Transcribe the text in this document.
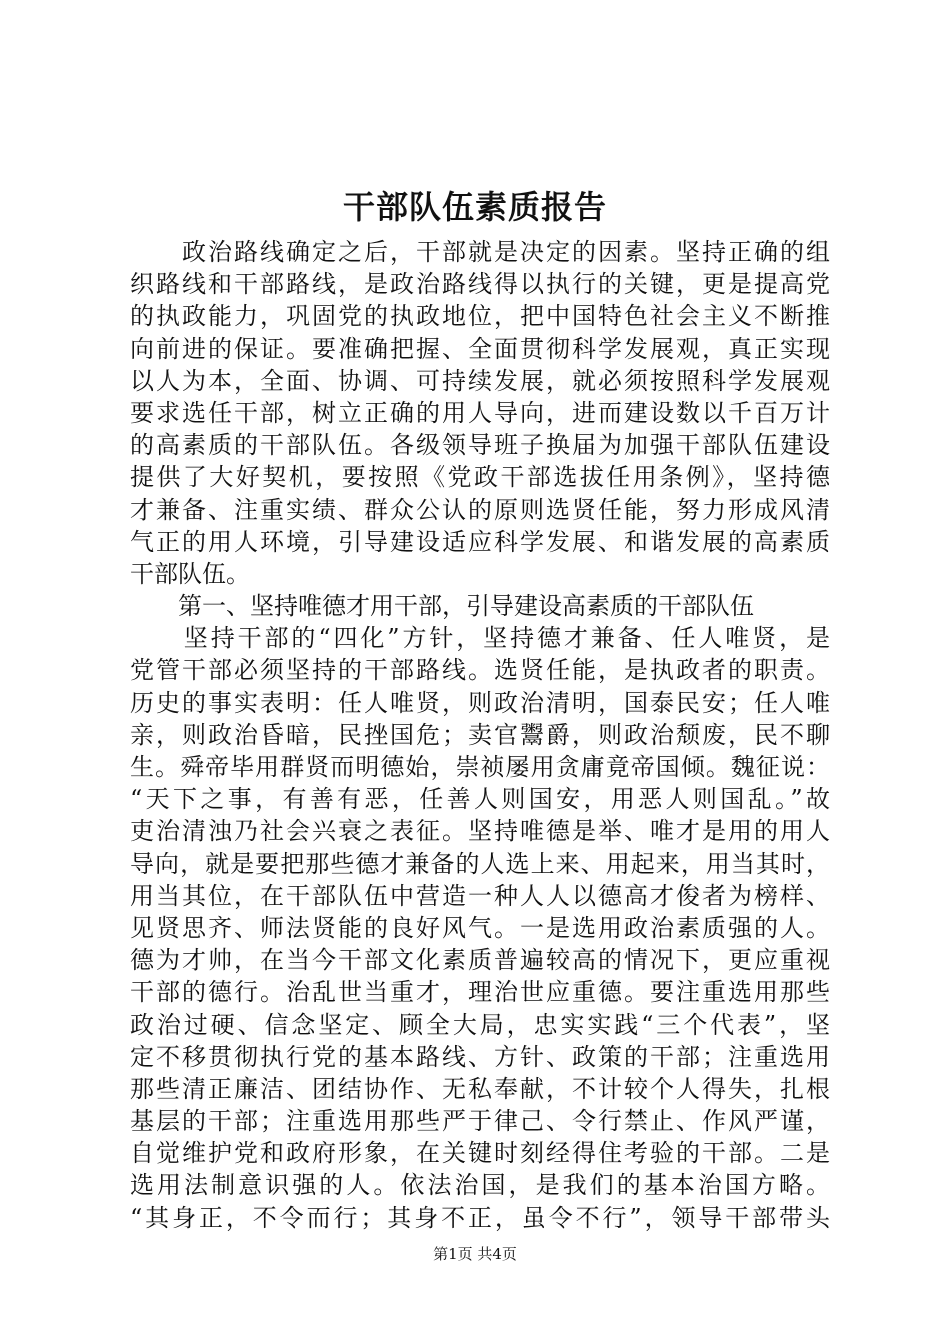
干部队伍素质报告
　　政治路线确定之后，干部就是决定的因素。坚持正确的组
织路线和干部路线，是政治路线得以执行的关键，更是提高党
的执政能力，巩固党的执政地位，把中国特色社会主义不断推
向前进的保证。要准确把握、全面贯彻科学发展观，真正实现
以人为本，全面、协调、可持续发展，就必须按照科学发展观
要求选任干部，树立正确的用人导向，进而建设数以千百万计
的高素质的干部队伍。各级领导班子换届为加强干部队伍建设
提供了大好契机，要按照《党政干部选拔任用条例》，坚持德
才兼备、注重实绩、群众公认的原则选贤任能，努力形成风清
气正的用人环境，引导建设适应科学发展、和谐发展的高素质
干部队伍。
　　第一、坚持唯德才用干部，引导建设高素质的干部队伍
　　坚持干部的“四化”方针，坚持德才兼备、任人唯贤，是
党管干部必须坚持的干部路线。选贤任能，是执政者的职责。
历史的事实表明：任人唯贤，则政治清明，国泰民安；任人唯
亲，则政治昏暗，民挫国危；卖官鬻爵，则政治颓废，民不聊
生。舜帝毕用群贤而明德始，崇祯屡用贪庸竟帝国倾。魏征说：
“天下之事，有善有恶，任善人则国安，用恶人则国乱。”故
吏治清浊乃社会兴衰之表征。坚持唯德是举、唯才是用的用人
导向，就是要把那些德才兼备的人选上来、用起来，用当其时，
用当其位，在干部队伍中营造一种人人以德高才俊者为榜样、
见贤思齐、师法贤能的良好风气。一是选用政治素质强的人。
德为才帅，在当今干部文化素质普遍较高的情况下，更应重视
干部的德行。治乱世当重才，理治世应重德。要注重选用那些
政治过硬、信念坚定、顾全大局，忠实实践“三个代表”，坚
定不移贯彻执行党的基本路线、方针、政策的干部；注重选用
那些清正廉洁、团结协作、无私奉献，不计较个人得失，扎根
基层的干部；注重选用那些严于律己、令行禁止、作风严谨，
自觉维护党和政府形象，在关键时刻经得住考验的干部。二是
选用法制意识强的人。依法治国，是我们的基本治国方略。
“其身正，不令而行；其身不正，虽令不行”，领导干部带头
第1页 共4页
